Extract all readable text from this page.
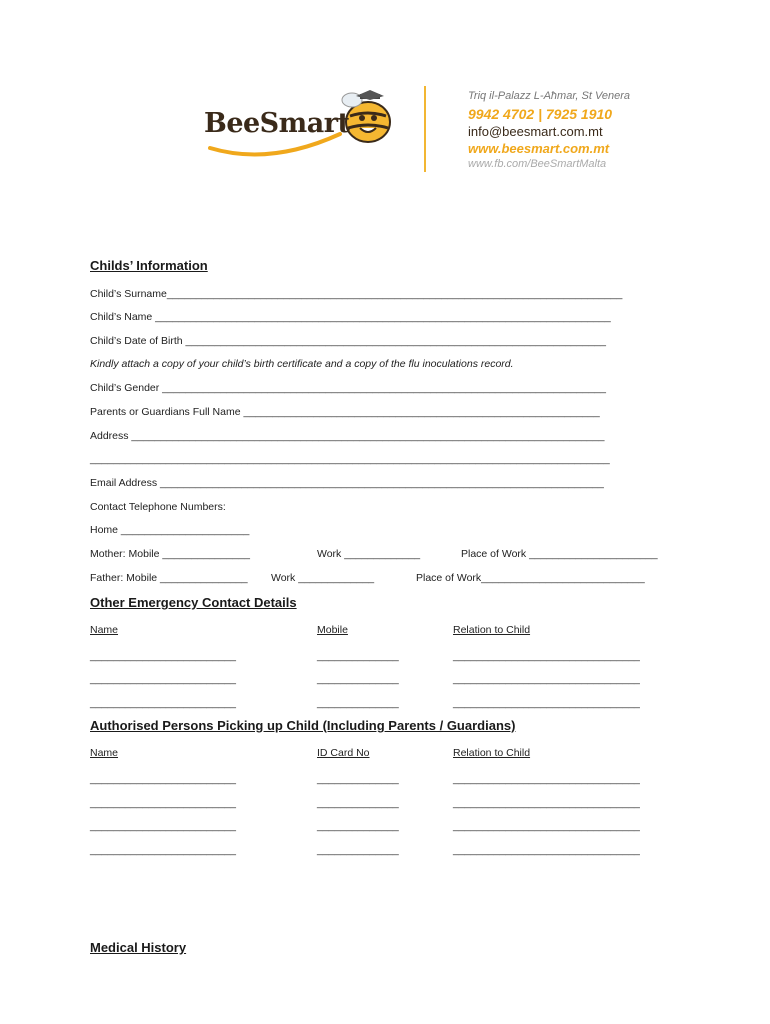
BeeSmart
Triq il-Palazz L-Aħmar, St Venera
9942 4702 | 7925 1910
info@beesmart.com.mt
www.beesmart.com.mt
www.fb.com/BeeSmartMalta
Childs’ Information
Child’s Surname______________________________________________________________________________
Child’s Name ______________________________________________________________________________
Child’s Date of Birth ________________________________________________________________________
Kindly attach a copy of your child’s birth certificate and a copy of the flu inoculations record.
Child’s Gender ____________________________________________________________________________
Parents or Guardians Full Name _____________________________________________________________
Address _________________________________________________________________________________
_________________________________________________________________________________________
Email Address ____________________________________________________________________________
Contact Telephone Numbers:
Home ______________________
Mother: Mobile _______________	Work _____________	Place of Work ______________________
Father: Mobile _______________ Work _____________	Place of Work____________________________
Other Emergency Contact Details
Name	Mobile	Relation to Child
_________________________	______________	________________________________
_________________________	______________	________________________________
_________________________	______________	________________________________
Authorised Persons Picking up Child (Including Parents / Guardians)
Name	ID Card No	Relation to Child
_________________________	______________	________________________________
_________________________	______________	________________________________
_________________________	______________	________________________________
_________________________	______________	________________________________
Medical History
